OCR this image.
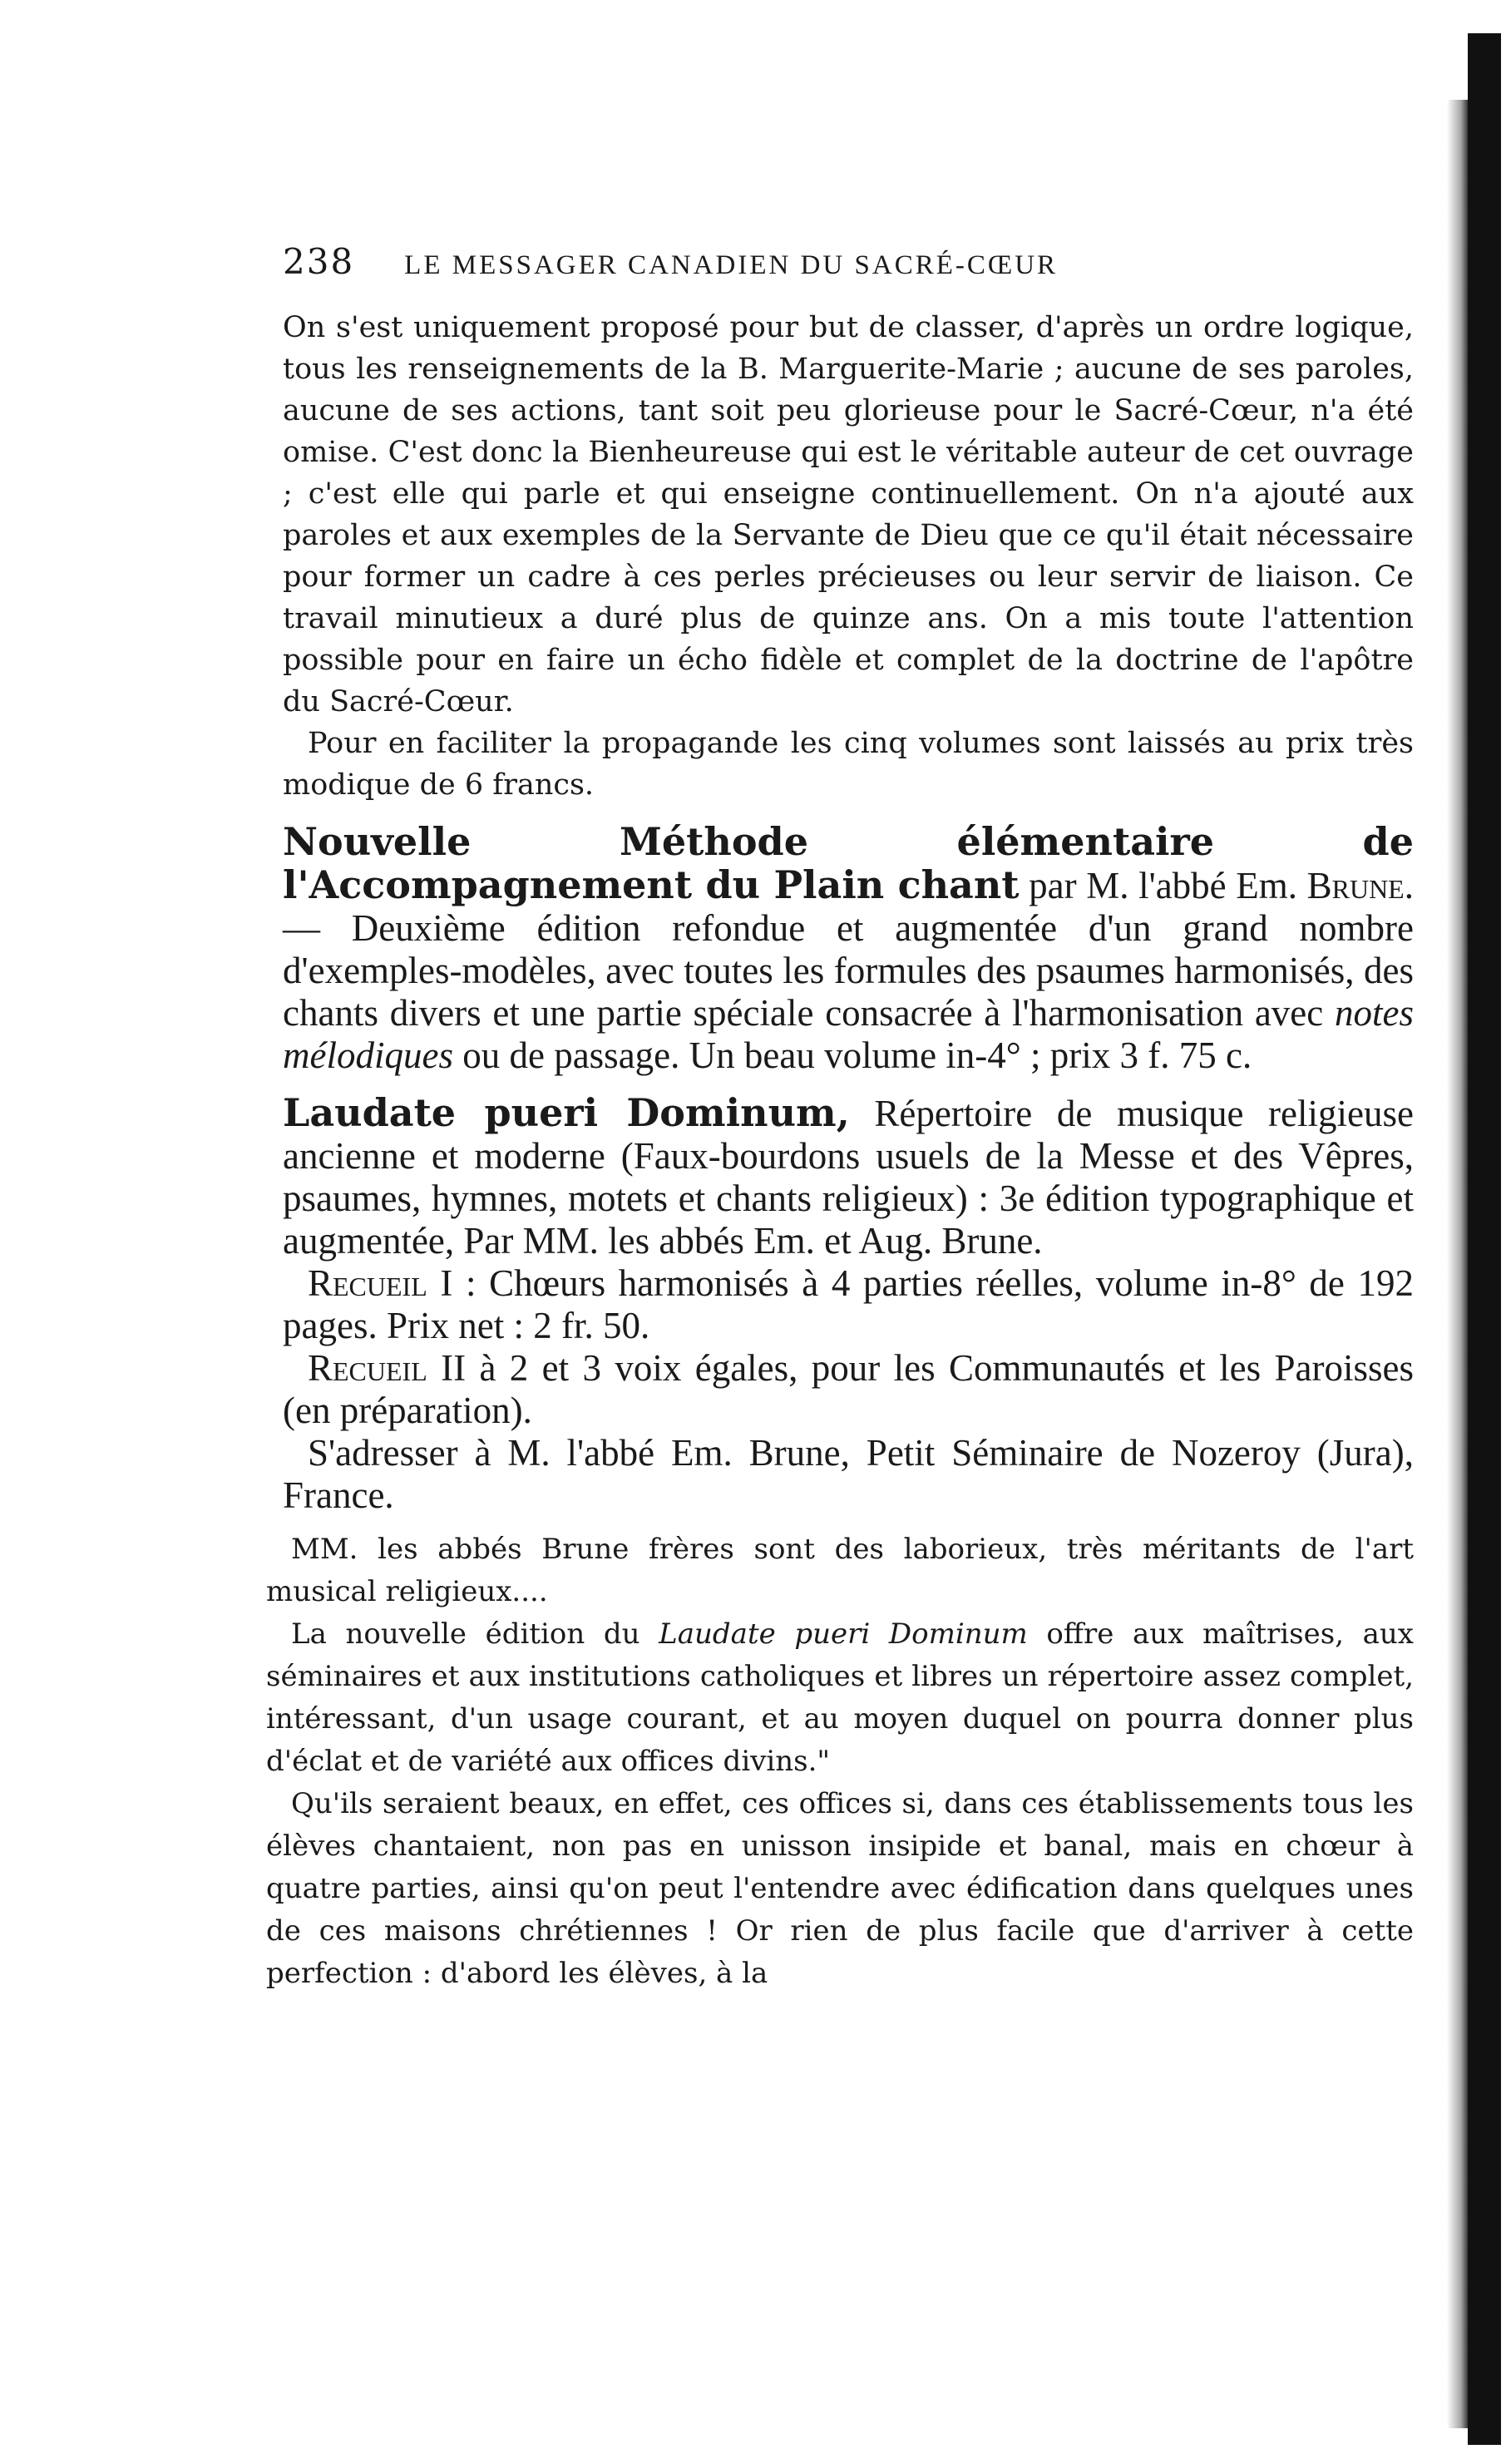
238 LE MESSAGER CANADIEN DU SACRÉ-CŒUR

On s'est uniquement proposé pour but de classer, d'après un ordre logique, tous les renseignements de la B. Marguerite-Marie ; aucune de ses paroles, aucune de ses actions, tant soit peu glorieuse pour le Sacré-Cœur, n'a été omise. C'est donc la Bienheureuse qui est le véritable auteur de cet ouvrage ; c'est elle qui parle et qui enseigne continuellement. On n'a ajouté aux paroles et aux exemples de la Servante de Dieu que ce qu'il était nécessaire pour former un cadre à ces perles précieuses ou leur servir de liaison. Ce travail minutieux a duré plus de quinze ans. On a mis toute l'attention possible pour en faire un écho fidèle et complet de la doctrine de l'apôtre du Sacré-Cœur.

Pour en faciliter la propagande les cinq volumes sont laissés au prix très modique de 6 francs.

Nouvelle Méthode élémentaire de l'Accompagnement du Plain chant par M. l'abbé Em. Brune. — Deuxième édition refondue et augmentée d'un grand nombre d'exemples-modèles, avec toutes les formules des psaumes harmonisés, des chants divers et une partie spéciale consacrée à l'harmonisation avec notes mélodiques ou de passage. Un beau volume in-4° ; prix 3 f. 75 c.

Laudate pueri Dominum, Répertoire de musique religieuse ancienne et moderne (Faux-bourdons usuels de la Messe et des Vêpres, psaumes, hymnes, motets et chants religieux) : 3e édition typographique et augmentée, Par MM. les abbés Em. et Aug. Brune.

Recueil I : Chœurs harmonisés à 4 parties réelles, volume in-8° de 192 pages. Prix net : 2 fr. 50.

Recueil II à 2 et 3 voix égales, pour les Communautés et les Paroisses (en préparation).

S'adresser à M. l'abbé Em. Brune, Petit Séminaire de Nozeroy (Jura), France.

MM. les abbés Brune frères sont des laborieux, très méritants de l'art musical religieux....

La nouvelle édition du Laudate pueri Dominum offre aux maîtrises, aux séminaires et aux institutions catholiques et libres un répertoire assez complet, intéressant, d'un usage courant, et au moyen duquel on pourra donner plus d'éclat et de variété aux offices divins."

Qu'ils seraient beaux, en effet, ces offices si, dans ces établissements tous les élèves chantaient, non pas en unisson insipide et banal, mais en chœur à quatre parties, ainsi qu'on peut l'entendre avec édification dans quelques unes de ces maisons chrétiennes ! Or rien de plus facile que d'arriver à cette perfection : d'abord les élèves, à la
